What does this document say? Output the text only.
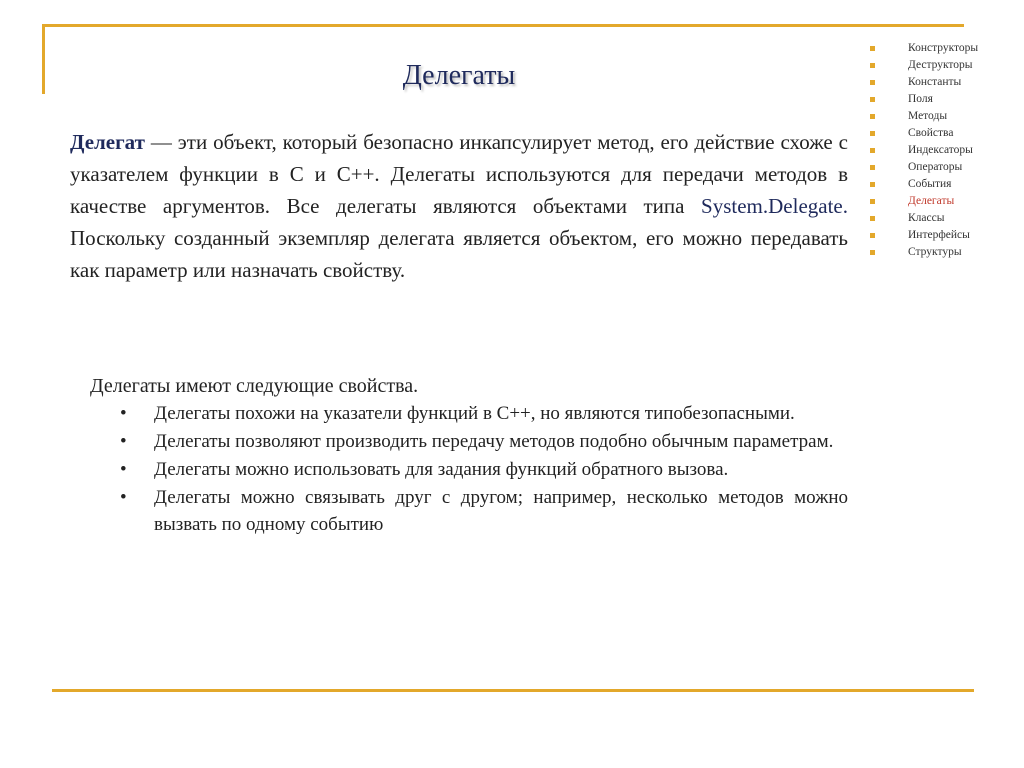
Делегаты

Делегат — эти объект, который безопасно инкапсулирует метод, его действие схоже с указателем функции в C и C++. Делегаты используются для передачи методов в качестве аргументов. Все делегаты являются объектами типа System.Delegate. Поскольку созданный экземпляр делегата является объектом, его можно передавать как параметр или назначать свойству.

Делегаты имеют следующие свойства.

• Делегаты похожи на указатели функций в C++, но являются типобезопасными.
• Делегаты позволяют производить передачу методов подобно обычным параметрам.
• Делегаты можно использовать для задания функций обратного вызова.
• Делегаты можно связывать друг с другом; например, несколько методов можно вызвать по одному событию
Конструкторы
Деструкторы
Константы
Поля
Методы
Свойства
Индексаторы
Операторы
События
Делегаты
Классы
Интерфейсы
Структуры
